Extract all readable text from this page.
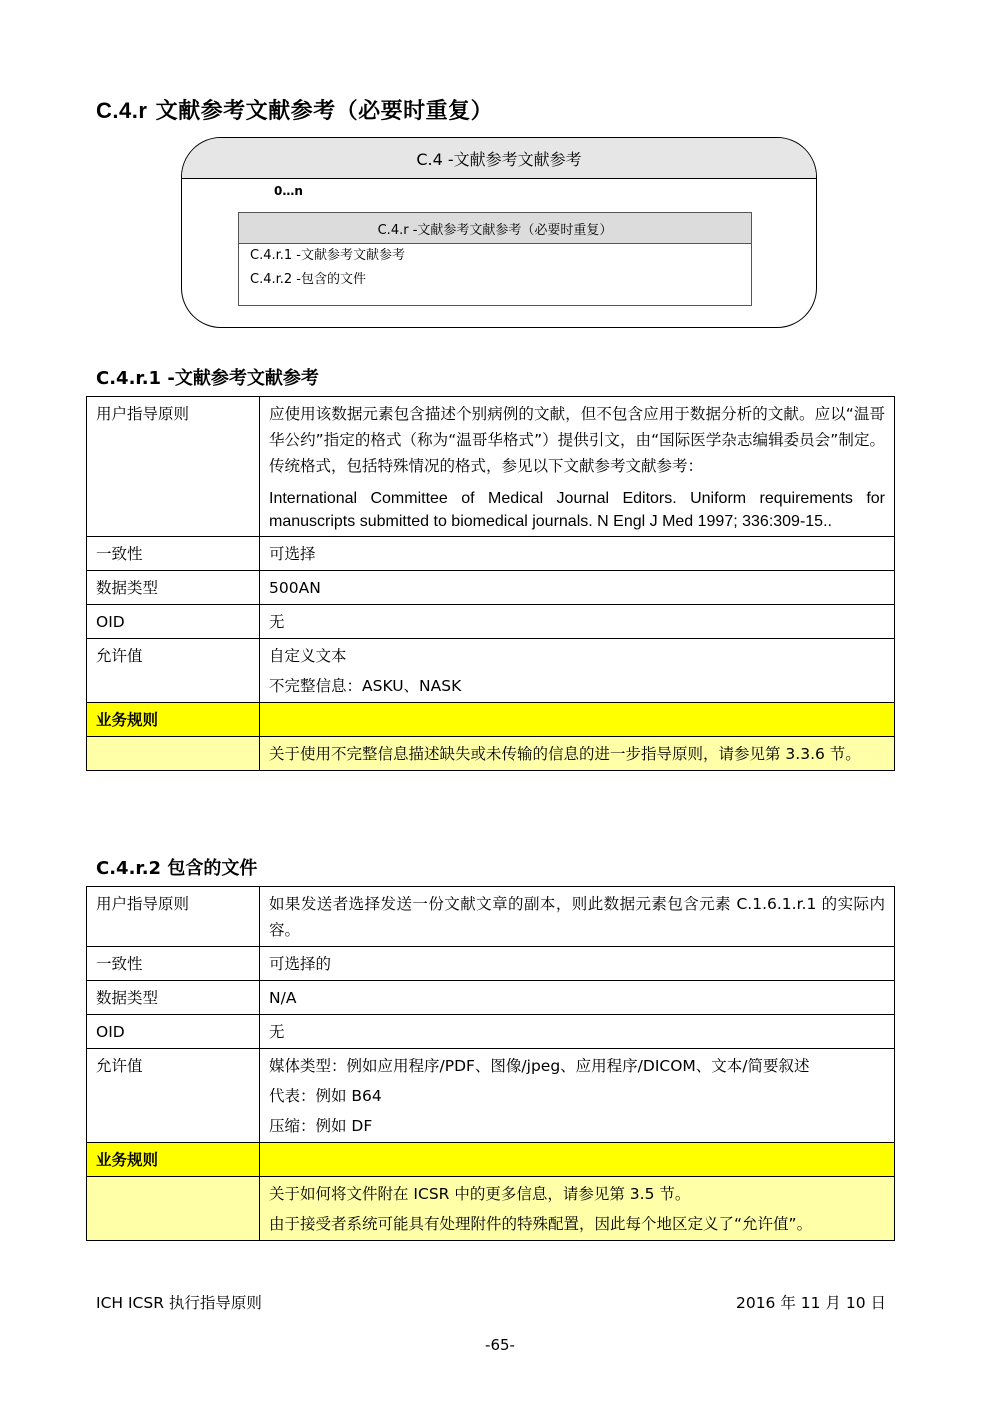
C.4.r 文献参考文献参考（必要时重复）
C.4 -文献参考文献参考
0…n
C.4.r -文献参考文献参考（必要时重复）
C.4.r.1 -文献参考文献参考
C.4.r.2 -包含的文件
C.4.r.1 -文献参考文献参考
用户指导原则	应使用该数据元素包含描述个别病例的文献，但不包含应用于数据分析的文献。应以“温哥华公约”指定的格式（称为“温哥华格式”）提供引文，由“国际医学杂志编辑委员会”制定。传统格式，包括特殊情况的格式，参见以下文献参考文献参考：

International Committee of Medical Journal Editors. Uniform requirements for manuscripts submitted to biomedical journals. N Engl J Med 1997; 336:309-15..

一致性	可选择
数据类型	500AN
OID	无
允许值	自定义文本

不完整信息：ASKU、NASK

业务规则	

	关于使用不完整信息描述缺失或未传输的信息的进一步指导原则，请参见第 3.3.6 节。

C.4.r.2 包含的文件
用户指导原则	如果发送者选择发送一份文献文章的副本，则此数据元素包含元素 C.1.6.1.r.1 的实际内容。

一致性	可选择的
数据类型	N/A
OID	无
允许值	媒体类型：例如应用程序/PDF、图像/jpeg、应用程序/DICOM、文本/简要叙述

代表：例如 B64

压缩：例如 DF

业务规则	

	关于如何将文件附在 ICSR 中的更多信息，请参见第 3.5 节。

由于接受者系统可能具有处理附件的特殊配置，因此每个地区定义了“允许值”。

ICH ICSR 执行指导原则	2016 年 11 月 10 日
-65-
